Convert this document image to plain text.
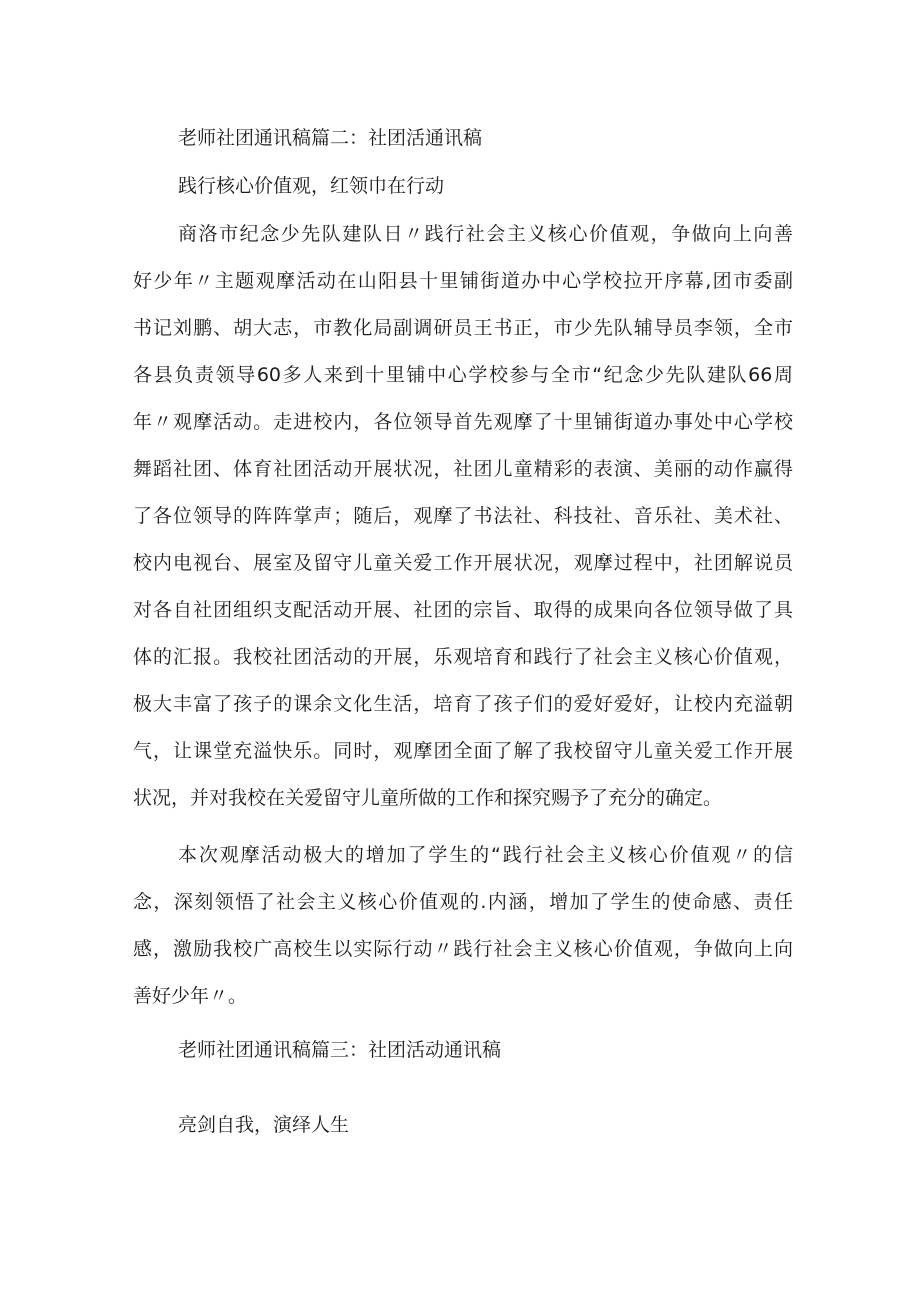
老师社团通讯稿篇二：社团活通讯稿

践行核心价值观，红领巾在行动

商洛市纪念少先队建队日〃践行社会主义核心价值观，争做向上向善

好少年〃主题观摩活动在山阳县十里铺街道办中心学校拉开序幕,团市委副

书记刘鹏、胡大志，市教化局副调研员王书正，市少先队辅导员李领，全市

各县负责领导60多人来到十里铺中心学校参与全市“纪念少先队建队66周

年〃观摩活动。走进校内，各位领导首先观摩了十里铺街道办事处中心学校

舞蹈社团、体育社团活动开展状况，社团儿童精彩的表演、美丽的动作赢得

了各位领导的阵阵掌声；随后，观摩了书法社、科技社、音乐社、美术社、

校内电视台、展室及留守儿童关爱工作开展状况，观摩过程中，社团解说员

对各自社团组织支配活动开展、社团的宗旨、取得的成果向各位领导做了具

体的汇报。我校社团活动的开展，乐观培育和践行了社会主义核心价值观，

极大丰富了孩子的课余文化生活，培育了孩子们的爱好爱好，让校内充溢朝

气，让课堂充溢快乐。同时，观摩团全面了解了我校留守儿童关爱工作开展

状况，并对我校在关爱留守儿童所做的工作和探究赐予了充分的确定。

本次观摩活动极大的增加了学生的“践行社会主义核心价值观〃的信

念，深刻领悟了社会主义核心价值观的.内涵，增加了学生的使命感、责任

感，激励我校广高校生以实际行动〃践行社会主义核心价值观，争做向上向

善好少年〃。

老师社团通讯稿篇三：社团活动通讯稿

亮剑自我，演绎人生
